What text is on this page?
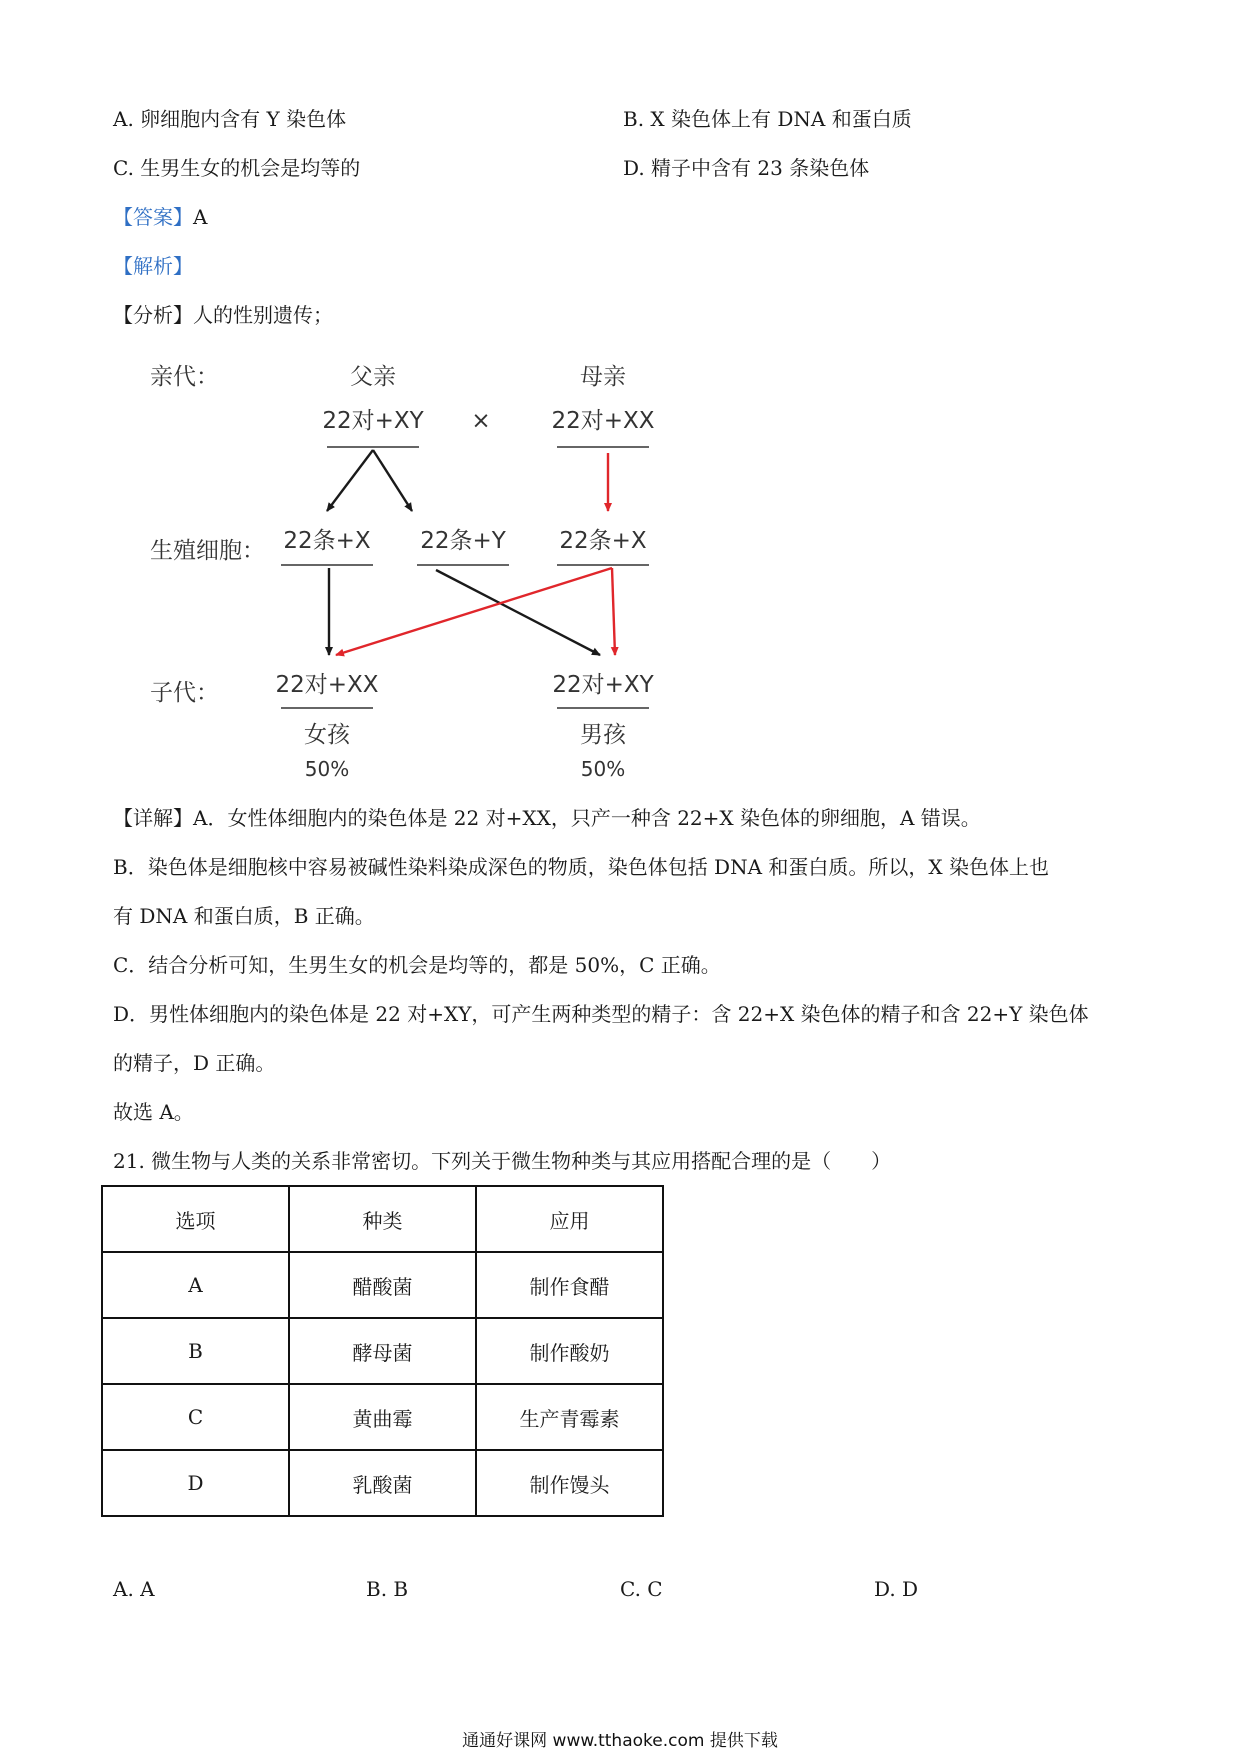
A. 卵细胞内含有 Y 染色体	B. X 染色体上有 DNA 和蛋白质
C. 生男生女的机会是均等的	D. 精子中含有 23 条染色体
【答案】A
【解析】
【分析】人的性别遗传；
亲代：	父亲	母亲
22对+XY ×	22对+XX
生殖细胞： 22条+X 22条+Y 22条+X
子代： 22对+XX	22对+XY
女孩	男孩
50%	50%
【详解】A．女性体细胞内的染色体是 22 对+XX，只产一种含 22+X 染色体的卵细胞，A 错误。
B．染色体是细胞核中容易被碱性染料染成深色的物质，染色体包括 DNA 和蛋白质。所以，X 染色体上也
有 DNA 和蛋白质，B 正确。
C．结合分析可知，生男生女的机会是均等的，都是 50%，C 正确。
D．男性体细胞内的染色体是 22 对+XY，可产生两种类型的精子：含 22+X 染色体的精子和含 22+Y 染色体
的精子，D 正确。
故选 A。
21. 微生物与人类的关系非常密切。下列关于微生物种类与其应用搭配合理的是（　　）
选项	种类	应用
A	醋酸菌	制作食醋
B	酵母菌	制作酸奶
C	黄曲霉	生产青霉素
D	乳酸菌	制作馒头
A. A	B. B	C. C	D. D
通通好课网 www.tthaoke.com 提供下载
